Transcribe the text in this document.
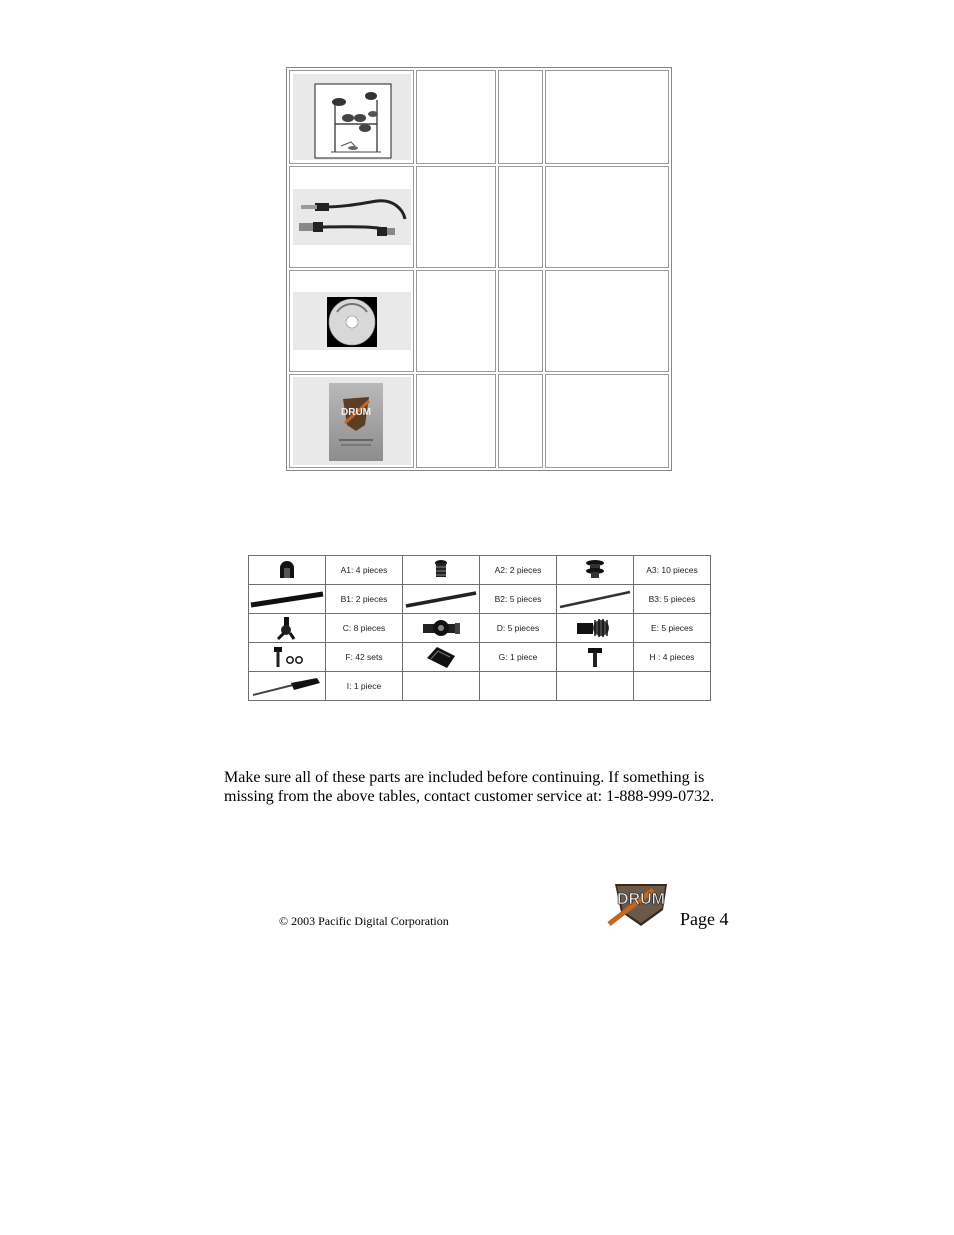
DRUM			

	A1: 4 pieces		A2: 2 pieces		A3: 10 pieces

	B1: 2 pieces		B2: 5 pieces		B3: 5 pieces

	C: 8 pieces		D: 5 pieces		E: 5 pieces

	F: 42 sets		G: 1 piece		H : 4 pieces

	I: 1 piece				

Make sure all of these parts are included before continuing. If something is missing from the above tables, contact customer service at: 1-888-999-0732.

© 2003 Pacific Digital Corporation
DRUM
Page 4
